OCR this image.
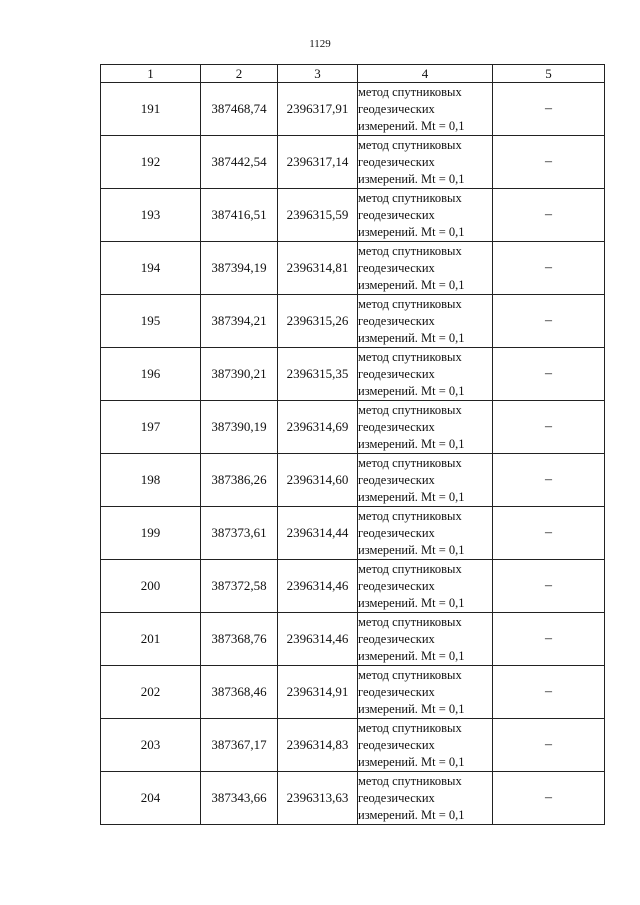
1129
1	2	3	4	5
191	387468,74	2396317,91	метод спутниковых
геодезических
измерений. Mt = 0,1	–
192	387442,54	2396317,14	метод спутниковых
геодезических
измерений. Mt = 0,1	–
193	387416,51	2396315,59	метод спутниковых
геодезических
измерений. Mt = 0,1	–
194	387394,19	2396314,81	метод спутниковых
геодезических
измерений. Mt = 0,1	–
195	387394,21	2396315,26	метод спутниковых
геодезических
измерений. Mt = 0,1	–
196	387390,21	2396315,35	метод спутниковых
геодезических
измерений. Mt = 0,1	–
197	387390,19	2396314,69	метод спутниковых
геодезических
измерений. Mt = 0,1	–
198	387386,26	2396314,60	метод спутниковых
геодезических
измерений. Mt = 0,1	–
199	387373,61	2396314,44	метод спутниковых
геодезических
измерений. Mt = 0,1	–
200	387372,58	2396314,46	метод спутниковых
геодезических
измерений. Mt = 0,1	–
201	387368,76	2396314,46	метод спутниковых
геодезических
измерений. Mt = 0,1	–
202	387368,46	2396314,91	метод спутниковых
геодезических
измерений. Mt = 0,1	–
203	387367,17	2396314,83	метод спутниковых
геодезических
измерений. Mt = 0,1	–
204	387343,66	2396313,63	метод спутниковых
геодезических
измерений. Mt = 0,1	–
